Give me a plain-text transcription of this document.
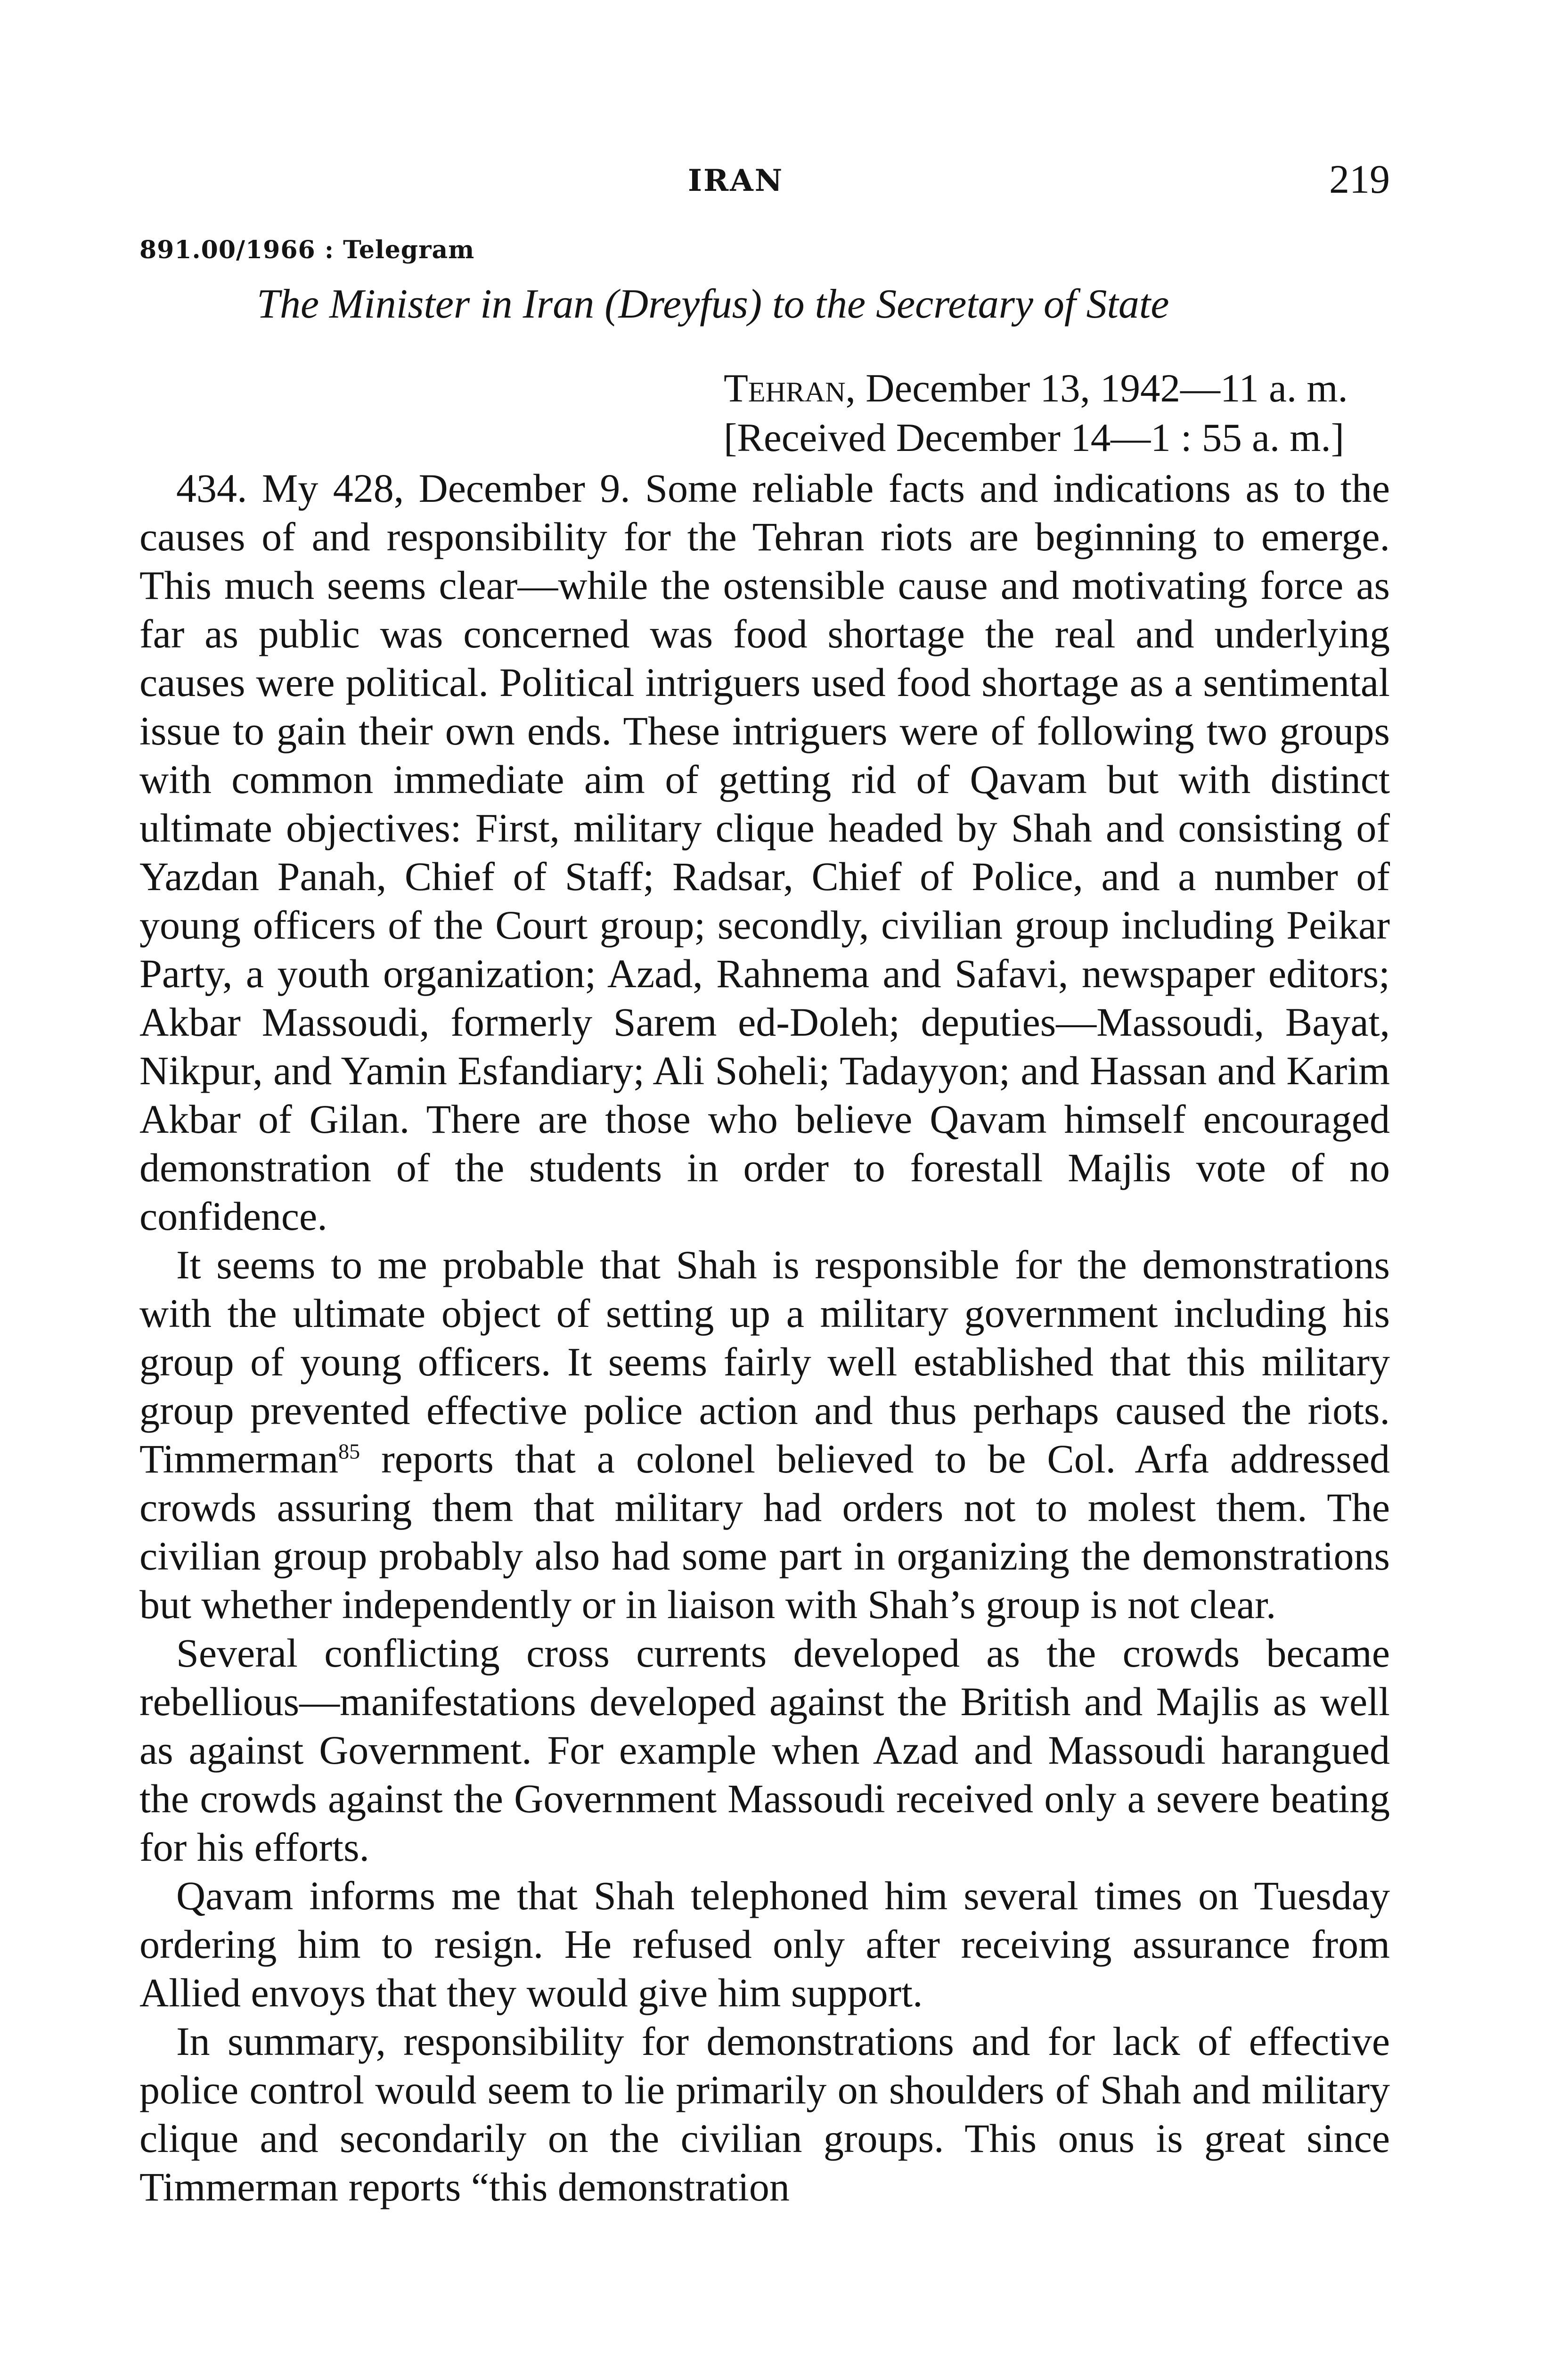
IRAN	219
891.00/1966 : Telegram
The Minister in Iran (Dreyfus) to the Secretary of State
Tehran, December 13, 1942—11 a. m.
[Received December 14—1 : 55 a. m.]

434. My 428, December 9. Some reliable facts and indications as to the causes of and responsibility for the Tehran riots are beginning to emerge. This much seems clear—while the ostensible cause and motivating force as far as public was concerned was food shortage the real and underlying causes were political. Political intriguers used food shortage as a sentimental issue to gain their own ends. These intriguers were of following two groups with common immediate aim of getting rid of Qavam but with distinct ultimate objectives: First, military clique headed by Shah and consisting of Yazdan Panah, Chief of Staff; Radsar, Chief of Police, and a number of young officers of the Court group; secondly, civilian group including Peikar Party, a youth organization; Azad, Rahnema and Safavi, newspaper editors; Akbar Massoudi, formerly Sarem ed-Doleh; deputies—Massoudi, Bayat, Nikpur, and Yamin Esfandiary; Ali Soheli; Tadayyon; and Hassan and Karim Akbar of Gilan. There are those who believe Qavam himself encouraged demonstration of the students in order to forestall Majlis vote of no confidence.

It seems to me probable that Shah is responsible for the demonstrations with the ultimate object of setting up a military government including his group of young officers. It seems fairly well established that this military group prevented effective police action and thus perhaps caused the riots. Timmerman$^{85}$ reports that a colonel believed to be Col. Arfa addressed crowds assuring them that military had orders not to molest them. The civilian group probably also had some part in organizing the demonstrations but whether independently or in liaison with Shah’s group is not clear.

Several conflicting cross currents developed as the crowds became rebellious—manifestations developed against the British and Majlis as well as against Government. For example when Azad and Massoudi harangued the crowds against the Government Massoudi received only a severe beating for his efforts.

Qavam informs me that Shah telephoned him several times on Tuesday ordering him to resign. He refused only after receiving assurance from Allied envoys that they would give him support.

In summary, responsibility for demonstrations and for lack of effective police control would seem to lie primarily on shoulders of Shah and military clique and secondarily on the civilian groups. This onus is great since Timmerman reports “this demonstration
